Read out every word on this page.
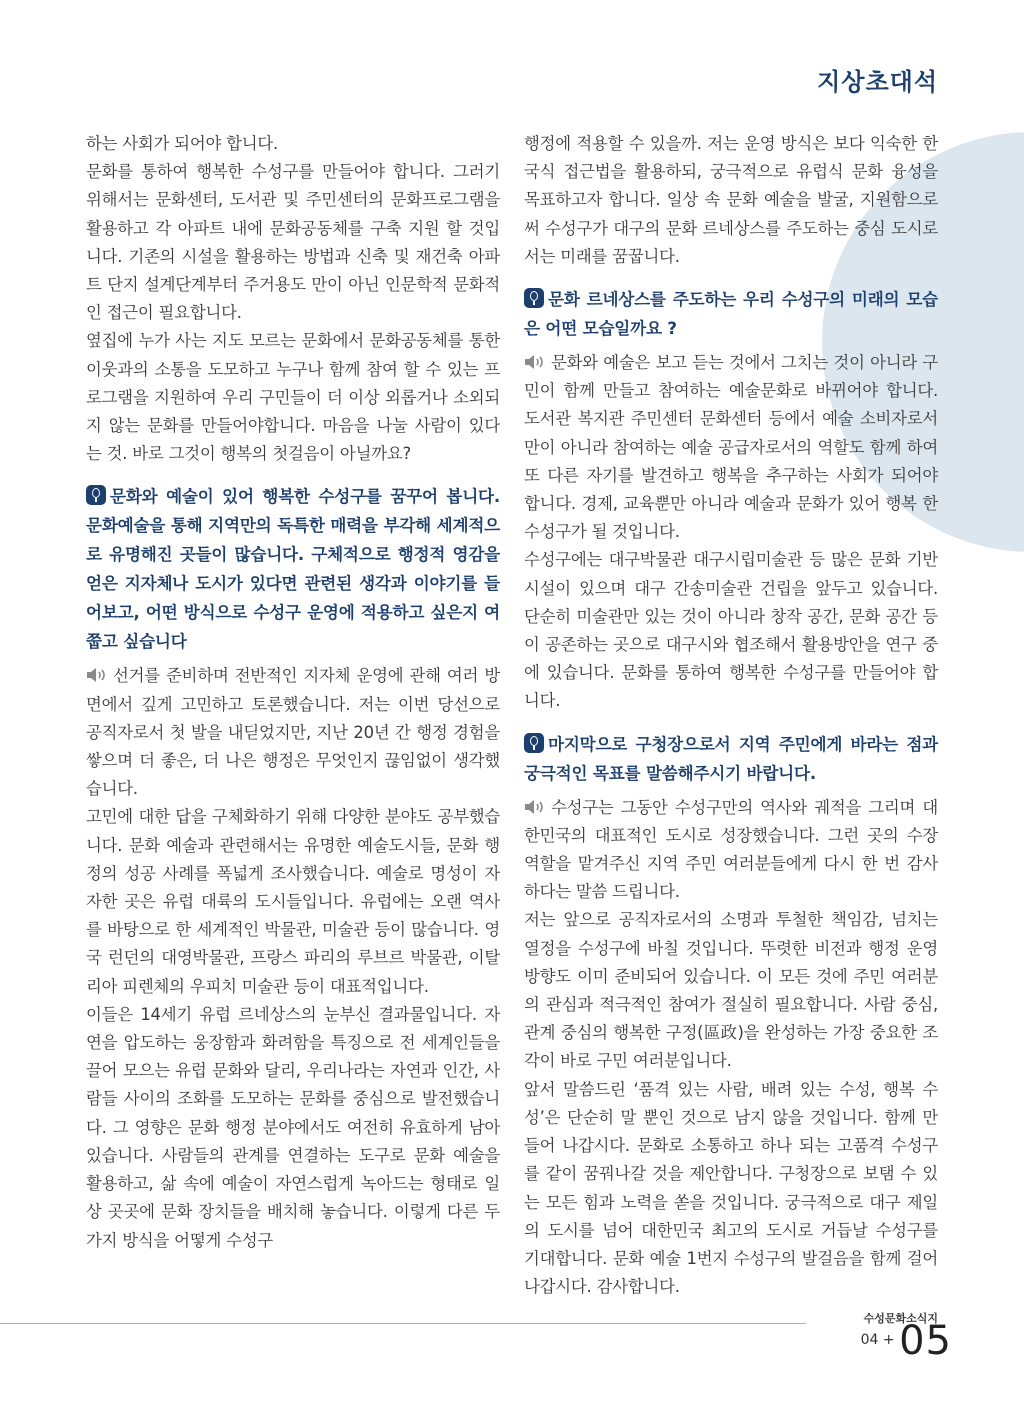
지상초대석

하는 사회가 되어야 합니다.

문화를 통하여 행복한 수성구를 만들어야 합니다. 그러기 위해서는 문화센터, 도서관 및 주민센터의 문화프로그램을 활용하고 각 아파트 내에 문화공동체를 구축 지원 할 것입니다. 기존의 시설을 활용하는 방법과 신축 및 재건축 아파트 단지 설계단계부터 주거용도 만이 아닌 인문학적 문화적인 접근이 필요합니다.

옆집에 누가 사는 지도 모르는 문화에서 문화공동체를 통한 이웃과의 소통을 도모하고 누구나 함께 참여 할 수 있는 프로그램을 지원하여 우리 구민들이 더 이상 외롭거나 소외되지 않는 문화를 만들어야합니다. 마음을 나눌 사람이 있다는 것. 바로 그것이 행복의 첫걸음이 아닐까요?

문화와 예술이 있어 행복한 수성구를 꿈꾸어 봅니다. 문화예술을 통해 지역만의 독특한 매력을 부각해 세계적으로 유명해진 곳들이 많습니다. 구체적으로 행정적 영감을 얻은 지자체나 도시가 있다면 관련된 생각과 이야기를 들어보고, 어떤 방식으로 수성구 운영에 적용하고 싶은지 여쭙고 싶습니다

선거를 준비하며 전반적인 지자체 운영에 관해 여러 방면에서 깊게 고민하고 토론했습니다. 저는 이번 당선으로 공직자로서 첫 발을 내딛었지만, 지난 20년 간 행정 경험을 쌓으며 더 좋은, 더 나은 행정은 무엇인지 끊임없이 생각했습니다.

고민에 대한 답을 구체화하기 위해 다양한 분야도 공부했습니다. 문화 예술과 관련해서는 유명한 예술도시들, 문화 행정의 성공 사례를 폭넓게 조사했습니다. 예술로 명성이 자자한 곳은 유럽 대륙의 도시들입니다. 유럽에는 오랜 역사를 바탕으로 한 세계적인 박물관, 미술관 등이 많습니다. 영국 런던의 대영박물관, 프랑스 파리의 루브르 박물관, 이탈리아 피렌체의 우피치 미술관 등이 대표적입니다.

이들은 14세기 유럽 르네상스의 눈부신 결과물입니다. 자연을 압도하는 웅장함과 화려함을 특징으로 전 세계인들을 끌어 모으는 유럽 문화와 달리, 우리나라는 자연과 인간, 사람들 사이의 조화를 도모하는 문화를 중심으로 발전했습니다. 그 영향은 문화 행정 분야에서도 여전히 유효하게 남아있습니다. 사람들의 관계를 연결하는 도구로 문화 예술을 활용하고, 삶 속에 예술이 자연스럽게 녹아드는 형태로 일상 곳곳에 문화 장치들을 배치해 놓습니다. 이렇게 다른 두 가지 방식을 어떻게 수성구

행정에 적용할 수 있을까. 저는 운영 방식은 보다 익숙한 한국식 접근법을 활용하되, 궁극적으로 유럽식 문화 융성을 목표하고자 합니다. 일상 속 문화 예술을 발굴, 지원함으로써 수성구가 대구의 문화 르네상스를 주도하는 중심 도시로 서는 미래를 꿈꿉니다.

문화 르네상스를 주도하는 우리 수성구의 미래의 모습은 어떤 모습일까요 ?

문화와 예술은 보고 듣는 것에서 그치는 것이 아니라 구민이 함께 만들고 참여하는 예술문화로 바뀌어야 합니다. 도서관 복지관 주민센터 문화센터 등에서 예술 소비자로서만이 아니라 참여하는 예술 공급자로서의 역할도 함께 하여 또 다른 자기를 발견하고 행복을 추구하는 사회가 되어야 합니다. 경제, 교육뿐만 아니라 예술과 문화가 있어 행복 한 수성구가 될 것입니다.

수성구에는 대구박물관 대구시립미술관 등 많은 문화 기반 시설이 있으며 대구 간송미술관 건립을 앞두고 있습니다. 단순히 미술관만 있는 것이 아니라 창작 공간, 문화 공간 등이 공존하는 곳으로 대구시와 협조해서 활용방안을 연구 중에 있습니다. 문화를 통하여 행복한 수성구를 만들어야 합니다.

마지막으로 구청장으로서 지역 주민에게 바라는 점과 궁극적인 목표를 말씀해주시기 바랍니다.

수성구는 그동안 수성구만의 역사와 궤적을 그리며 대한민국의 대표적인 도시로 성장했습니다. 그런 곳의 수장 역할을 맡겨주신 지역 주민 여러분들에게 다시 한 번 감사하다는 말씀 드립니다.

저는 앞으로 공직자로서의 소명과 투철한 책임감, 넘치는 열정을 수성구에 바칠 것입니다. 뚜렷한 비전과 행정 운영 방향도 이미 준비되어 있습니다. 이 모든 것에 주민 여러분의 관심과 적극적인 참여가 절실히 필요합니다. 사람 중심, 관계 중심의 행복한 구정(區政)을 완성하는 가장 중요한 조각이 바로 구민 여러분입니다.

앞서 말씀드린 ‘품격 있는 사람, 배려 있는 수성, 행복 수성’은 단순히 말 뿐인 것으로 남지 않을 것입니다. 함께 만들어 나갑시다. 문화로 소통하고 하나 되는 고품격 수성구를 같이 꿈꿔나갈 것을 제안합니다. 구청장으로 보탬 수 있는 모든 힘과 노력을 쏟을 것입니다. 궁극적으로 대구 제일의 도시를 넘어 대한민국 최고의 도시로 거듭날 수성구를 기대합니다. 문화 예술 1번지 수성구의 발걸음을 함께 걸어 나갑시다. 감사합니다.

수성문화소식지
04 + 05
